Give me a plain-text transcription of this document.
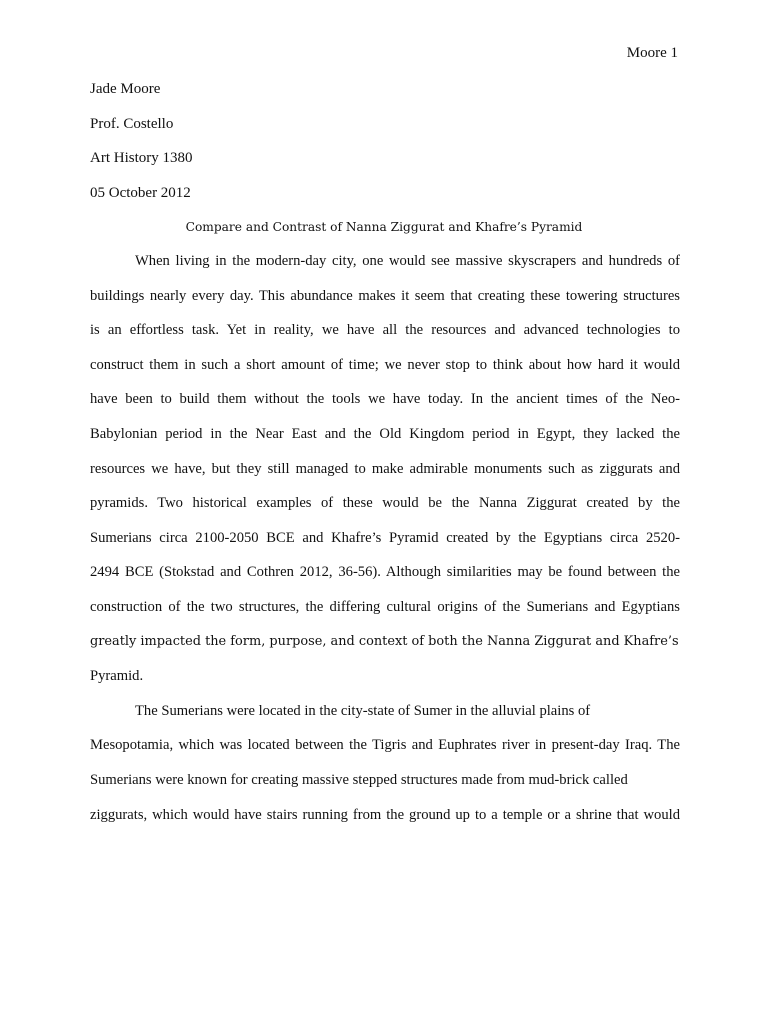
Moore 1
Jade Moore
Prof. Costello
Art History 1380
05 October 2012
Compare and Contrast of Nanna Ziggurat and Khafre’s Pyramid
When living in the modern-day city, one would see massive skyscrapers and hundreds of
buildings nearly every day. This abundance makes it seem that creating these towering structures
is an effortless task. Yet in reality, we have all the resources and advanced technologies to
construct them in such a short amount of time; we never stop to think about how hard it would
have been to build them without the tools we have today. In the ancient times of the Neo-
Babylonian period in the Near East and the Old Kingdom period in Egypt, they lacked the
resources we have, but they still managed to make admirable monuments such as ziggurats and
pyramids. Two historical examples of these would be the Nanna Ziggurat created by the
Sumerians circa 2100-2050 BCE and Khafre’s Pyramid created by the Egyptians circa 2520-
2494 BCE (Stokstad and Cothren 2012, 36-56). Although similarities may be found between the
construction of the two structures, the differing cultural origins of the Sumerians and Egyptians
greatly impacted the form, purpose, and context of both the Nanna Ziggurat and Khafre’s
Pyramid.
The Sumerians were located in the city-state of Sumer in the alluvial plains of
Mesopotamia, which was located between the Tigris and Euphrates river in present-day Iraq. The
Sumerians were known for creating massive stepped structures made from mud-brick called
ziggurats, which would have stairs running from the ground up to a temple or a shrine that would
